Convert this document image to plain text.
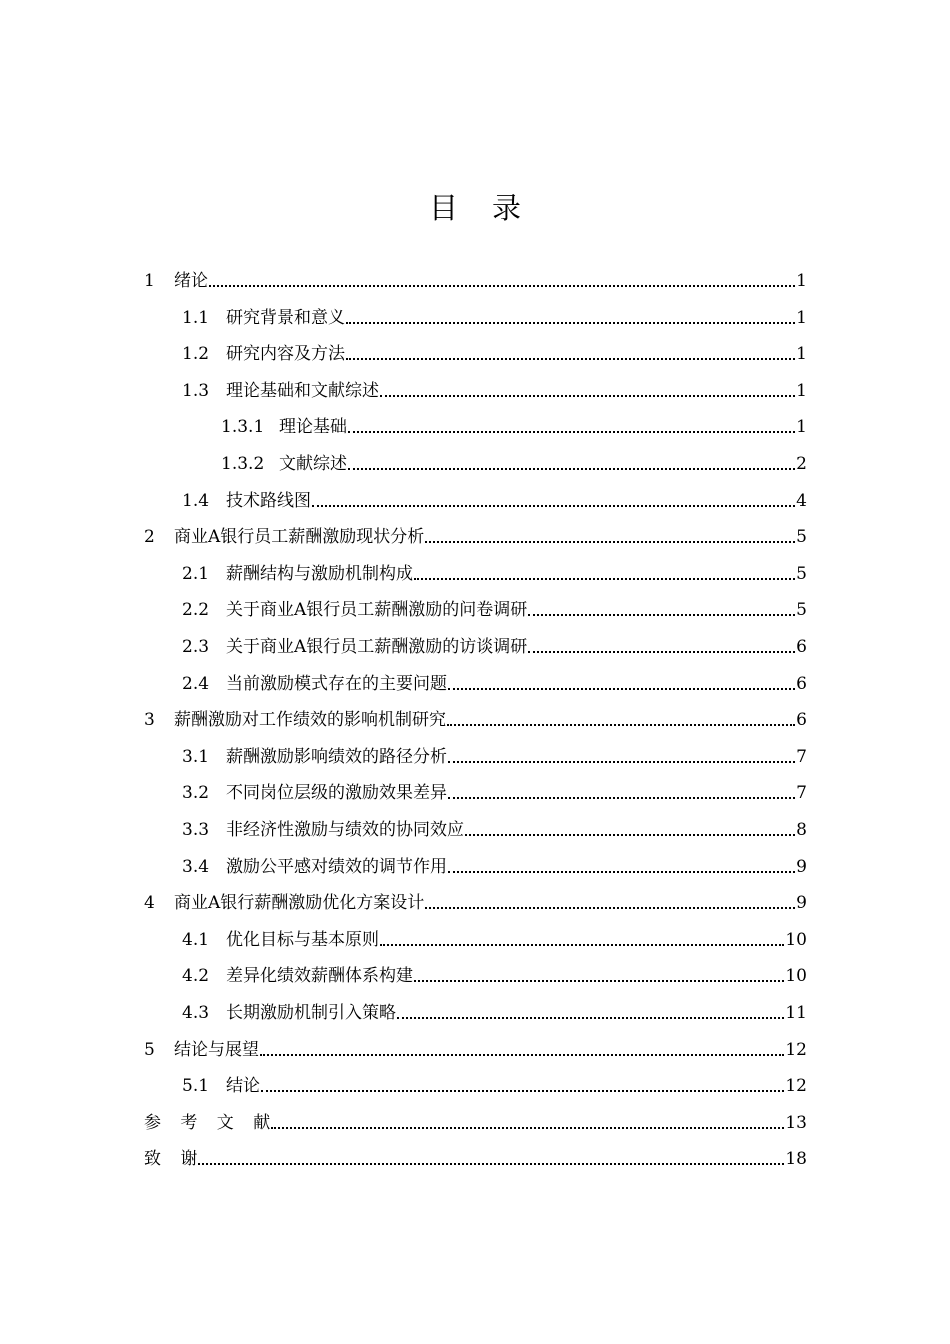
目 录
1	绪论	1
1.1 研究背景和意义	1
1.2 研究内容及方法	1
1.3 理论基础和文献综述	1
1.3.1 理论基础	1
1.3.2 文献综述	2
1.4 技术路线图	4
2	商业A银行员工薪酬激励现状分析	5
2.1 薪酬结构与激励机制构成	5
2.2 关于商业A银行员工薪酬激励的问卷调研	5
2.3 关于商业A银行员工薪酬激励的访谈调研	6
2.4 当前激励模式存在的主要问题	6
3	薪酬激励对工作绩效的影响机制研究	6
3.1 薪酬激励影响绩效的路径分析	7
3.2 不同岗位层级的激励效果差异	7
3.3 非经济性激励与绩效的协同效应	8
3.4 激励公平感对绩效的调节作用	9
4	商业A银行薪酬激励优化方案设计	9
4.1 优化目标与基本原则	10
4.2 差异化绩效薪酬体系构建	10
4.3 长期激励机制引入策略	11
5	结论与展望	12
5.1 结论	12
参 考 文 献	13
致 谢	18
